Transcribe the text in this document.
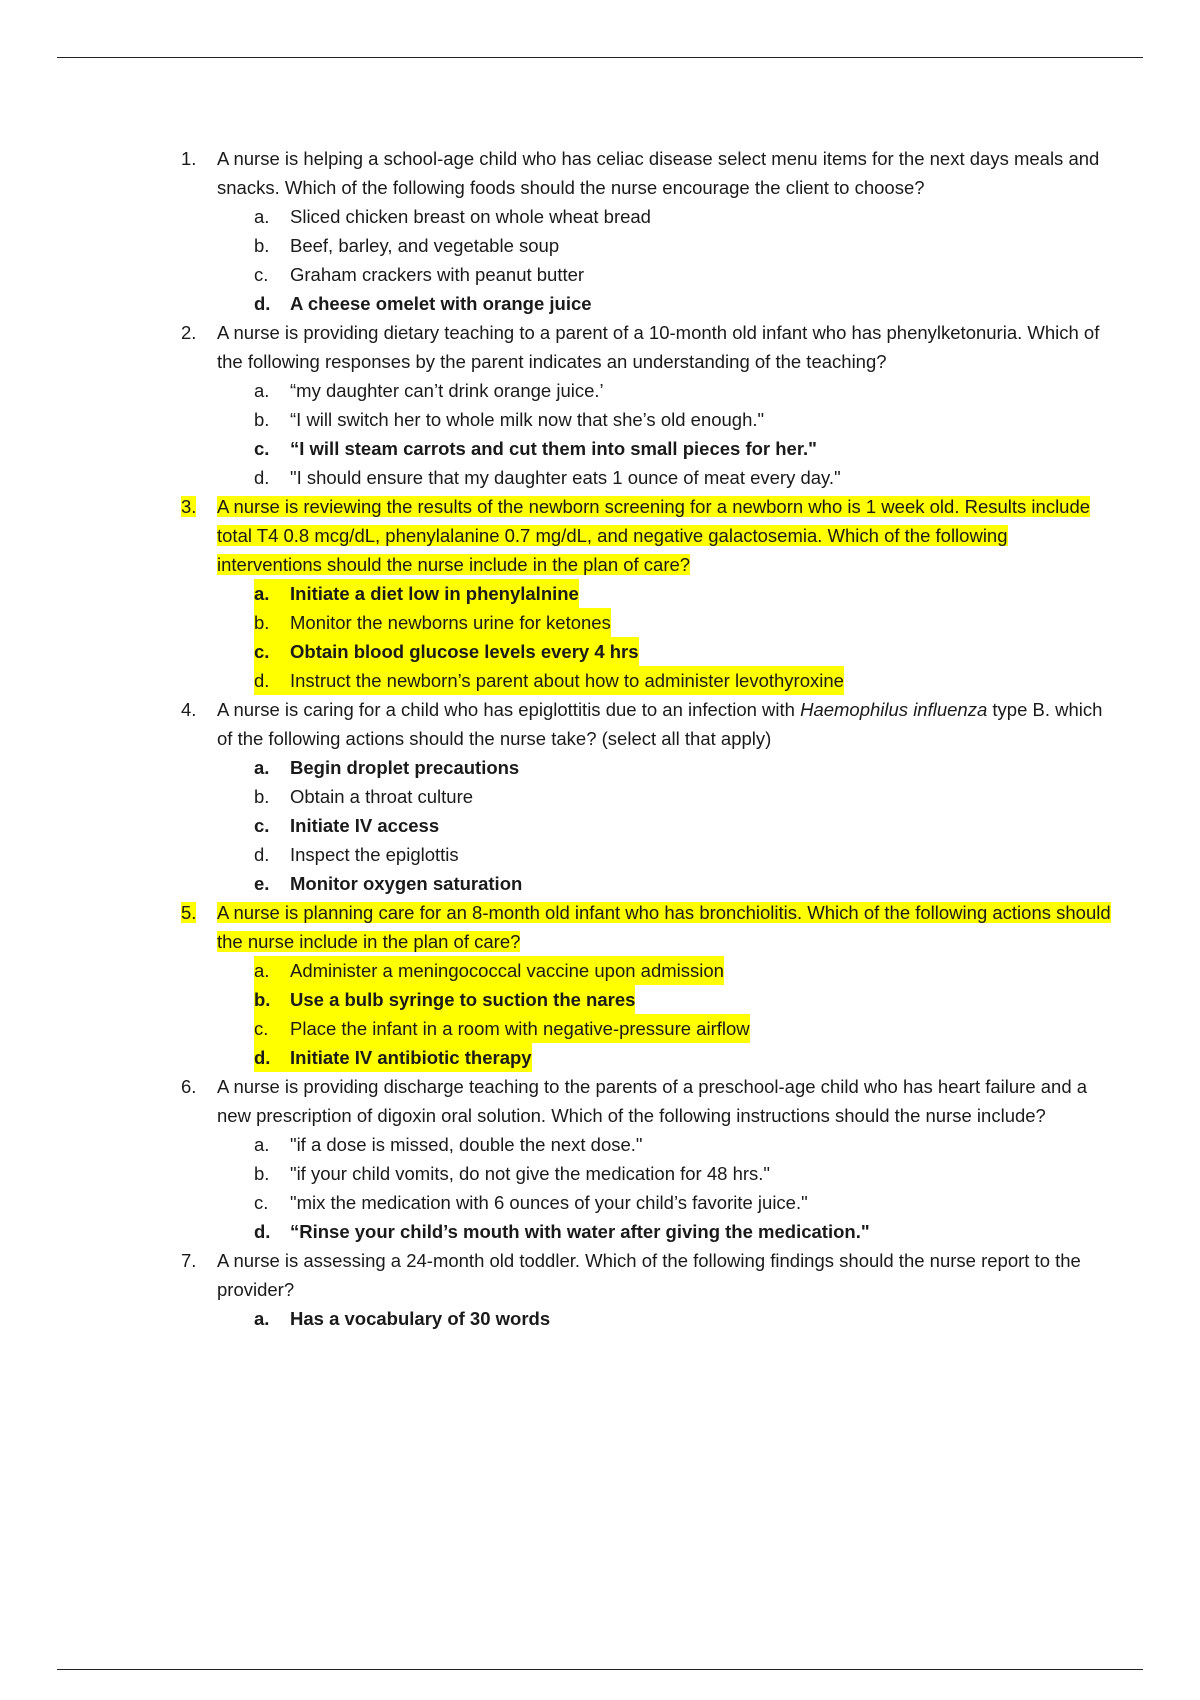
1.	A nurse is helping a school-age child who has celiac disease select menu items for the next days meals and snacks. Which of the following foods should the nurse encourage the client to choose?
a.	Sliced chicken breast on whole wheat bread
b.	Beef, barley, and vegetable soup
c.	Graham crackers with peanut butter
d.	A cheese omelet with orange juice
2.	A nurse is providing dietary teaching to a parent of a 10-month old infant who has phenylketonuria. Which of the following responses by the parent indicates an understanding of the teaching?
a.	“my daughter can’t drink orange juice.’
b.	“I will switch her to whole milk now that she’s old enough."
c.	“I will steam carrots and cut them into small pieces for her."
d.	"I should ensure that my daughter eats 1 ounce of meat every day."
3.	A nurse is reviewing the results of the newborn screening for a newborn who is 1 week old. Results include total T4 0.8 mcg/dL, phenylalanine 0.7 mg/dL, and negative galactosemia. Which of the following interventions should the nurse include in the plan of care?
a.	Initiate a diet low in phenylalnine
b.	Monitor the newborns urine for ketones
c.	Obtain blood glucose levels every 4 hrs
d.	Instruct the newborn’s parent about how to administer levothyroxine
4.	A nurse is caring for a child who has epiglottitis due to an infection with Haemophilus influenza type B. which of the following actions should the nurse take? (select all that apply)
a.	Begin droplet precautions
b.	Obtain a throat culture
c.	Initiate IV access
d.	Inspect the epiglottis
e.	Monitor oxygen saturation
5.	A nurse is planning care for an 8-month old infant who has bronchiolitis. Which of the following actions should the nurse include in the plan of care?
a.	Administer a meningococcal vaccine upon admission
b.	Use a bulb syringe to suction the nares
c.	Place the infant in a room with negative-pressure airflow
d.	Initiate IV antibiotic therapy
6.	A nurse is providing discharge teaching to the parents of a preschool-age child who has heart failure and a new prescription of digoxin oral solution. Which of the following instructions should the nurse include?
a.	"if a dose is missed, double the next dose."
b.	"if your child vomits, do not give the medication for 48 hrs."
c.	"mix the medication with 6 ounces of your child’s favorite juice."
d.	“Rinse your child’s mouth with water after giving the medication."
7.	A nurse is assessing a 24-month old toddler. Which of the following findings should the nurse report to the provider?
a.	Has a vocabulary of 30 words
